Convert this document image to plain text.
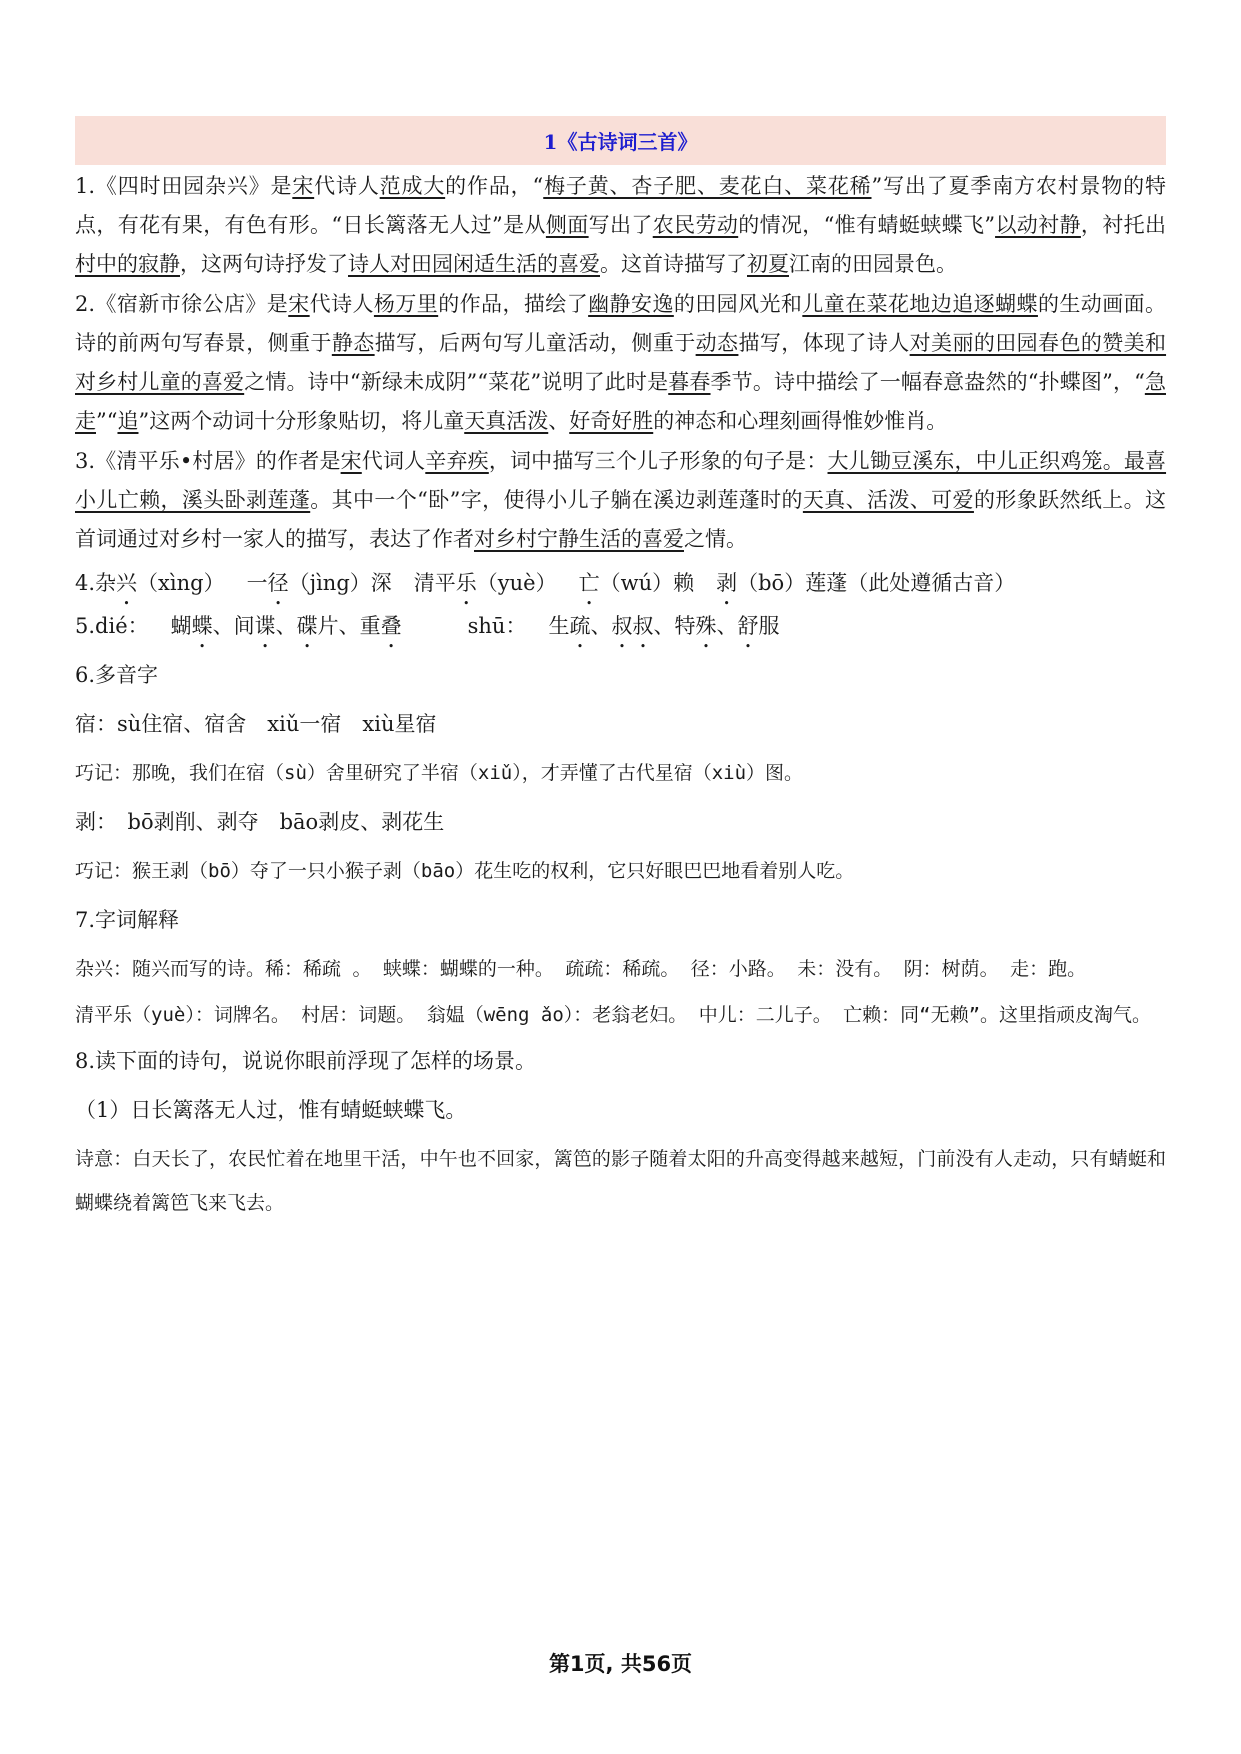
1《古诗词三首》
1.《四时田园杂兴》是宋代诗人范成大的作品，“梅子黄、杏子肥、麦花白、菜花稀”写出了夏季南方农村景物的特点，有花有果，有色有形。“日长篱落无人过”是从侧面写出了农民劳动的情况，“惟有蜻蜓蛱蝶飞”以动衬静，衬托出村中的寂静，这两句诗抒发了诗人对田园闲适生活的喜爱。这首诗描写了初夏江南的田园景色。
2.《宿新市徐公店》是宋代诗人杨万里的作品，描绘了幽静安逸的田园风光和儿童在菜花地边追逐蝴蝶的生动画面。诗的前两句写春景，侧重于静态描写，后两句写儿童活动，侧重于动态描写，体现了诗人对美丽的田园春色的赞美和对乡村儿童的喜爱之情。诗中“新绿未成阴”“菜花”说明了此时是暮春季节。诗中描绘了一幅春意盎然的“扑蝶图”，“急走”“追”这两个动词十分形象贴切，将儿童天真活泼、好奇好胜的神态和心理刻画得惟妙惟肖。
3.《清平乐•村居》的作者是宋代词人辛弃疾，词中描写三个儿子形象的句子是：大儿锄豆溪东，中儿正织鸡笼。最喜小儿亡赖，溪头卧剥莲蓬。其中一个“卧”字，使得小儿子躺在溪边剥莲蓬时的天真、活泼、可爱的形象跃然纸上。这首词通过对乡村一家人的描写，表达了作者对乡村宁静生活的喜爱之情。
4.杂兴（xìng） 一径（jìng）深 清平乐（yuè） 亡（wú）赖 剥（bō）莲蓬（此处遵循古音）
5.dié： 蝴蝶、间谍、碟片、重叠	shū： 生疏、叔叔、特殊、舒服
6.多音字
宿：sù住宿、宿舍　xiǔ一宿　xiù星宿
巧记：那晚，我们在宿（sù）舍里研究了半宿（xiǔ），才弄懂了古代星宿（xiù）图。
剥：　bō剥削、剥夺　bāo剥皮、剥花生
巧记：猴王剥（bō）夺了一只小猴子剥（bāo）花生吃的权利，它只好眼巴巴地看着别人吃。
7.字词解释
杂兴：随兴而写的诗。稀：稀疏 。 蛱蝶：蝴蝶的一种。 疏疏：稀疏。 径：小路。 未：没有。 阴：树荫。 走：跑。
清平乐（yuè）：词牌名。 村居：词题。 翁媪（wēng ǎo）：老翁老妇。 中儿：二儿子。 亡赖：同“无赖”。这里指顽皮淘气。
8.读下面的诗句，说说你眼前浮现了怎样的场景。
（1）日长篱落无人过，惟有蜻蜓蛱蝶飞。
诗意：白天长了，农民忙着在地里干活，中午也不回家，篱笆的影子随着太阳的升高变得越来越短，门前没有人走动，只有蜻蜓和蝴蝶绕着篱笆飞来飞去。
第1页, 共56页
